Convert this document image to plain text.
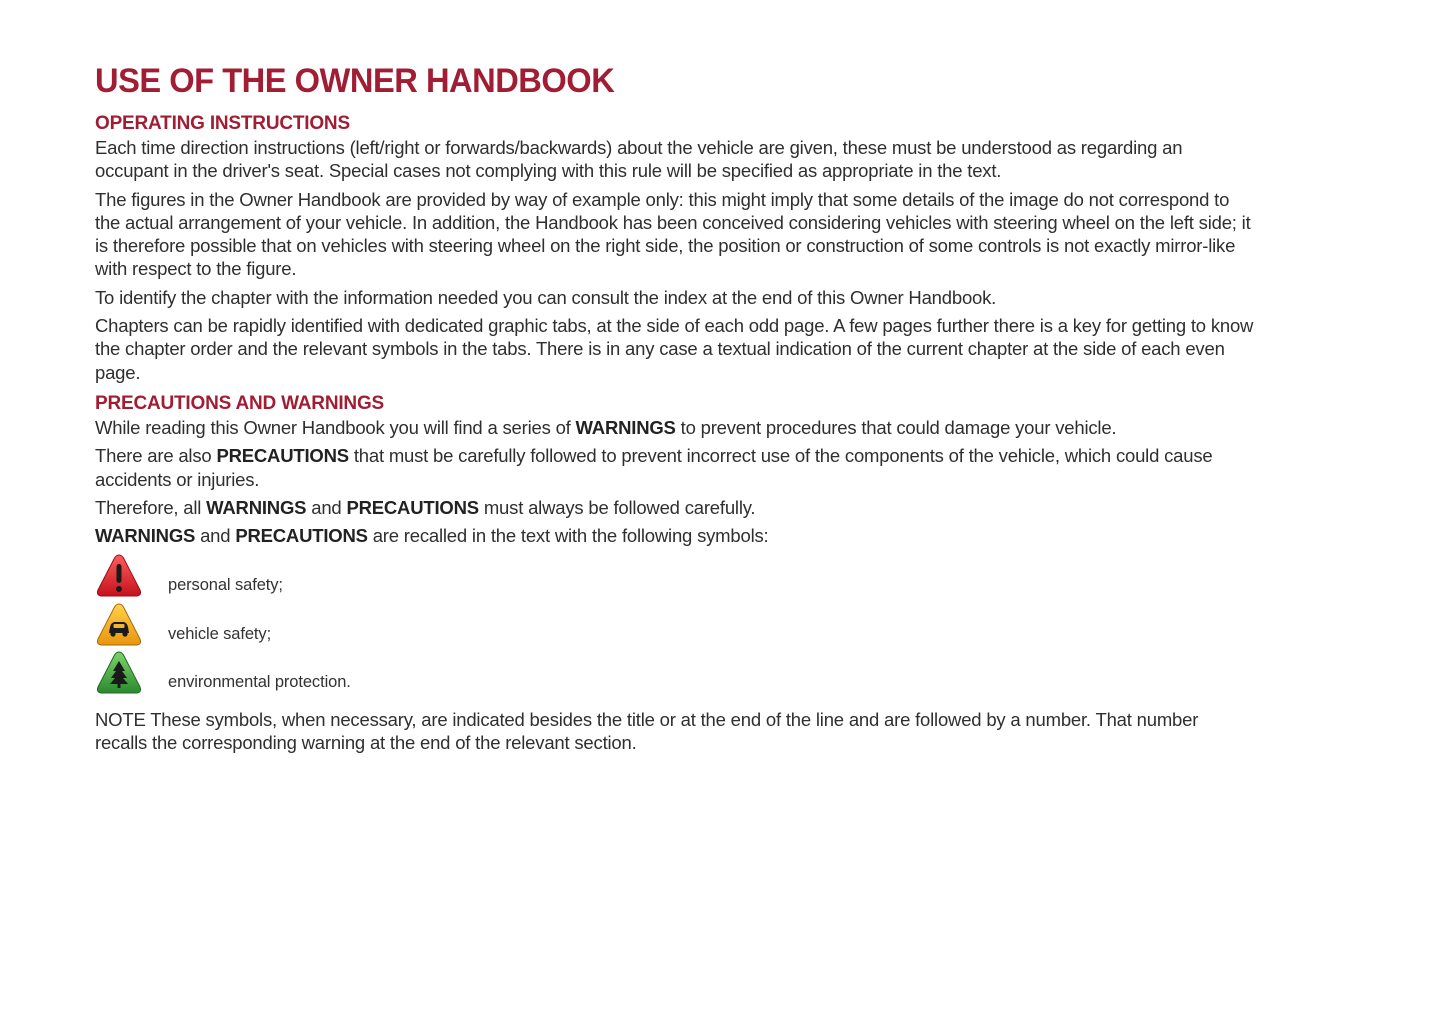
USE OF THE OWNER HANDBOOK
OPERATING INSTRUCTIONS

Each time direction instructions (left/right or forwards/backwards) about the vehicle are given, these must be understood as regarding an occupant in the driver's seat. Special cases not complying with this rule will be specified as appropriate in the text.

The figures in the Owner Handbook are provided by way of example only: this might imply that some details of the image do not correspond to the actual arrangement of your vehicle. In addition, the Handbook has been conceived considering vehicles with steering wheel on the left side; it is therefore possible that on vehicles with steering wheel on the right side, the position or construction of some controls is not exactly mirror-like with respect to the figure.

To identify the chapter with the information needed you can consult the index at the end of this Owner Handbook.

Chapters can be rapidly identified with dedicated graphic tabs, at the side of each odd page. A few pages further there is a key for getting to know the chapter order and the relevant symbols in the tabs. There is in any case a textual indication of the current chapter at the side of each even page.

PRECAUTIONS AND WARNINGS

While reading this Owner Handbook you will find a series of WARNINGS to prevent procedures that could damage your vehicle.

There are also PRECAUTIONS that must be carefully followed to prevent incorrect use of the components of the vehicle, which could cause accidents or injuries.

Therefore, all WARNINGS and PRECAUTIONS must always be followed carefully.

WARNINGS and PRECAUTIONS are recalled in the text with the following symbols:

personal safety;
vehicle safety;
environmental protection.

NOTE These symbols, when necessary, are indicated besides the title or at the end of the line and are followed by a number. That number recalls the corresponding warning at the end of the relevant section.
